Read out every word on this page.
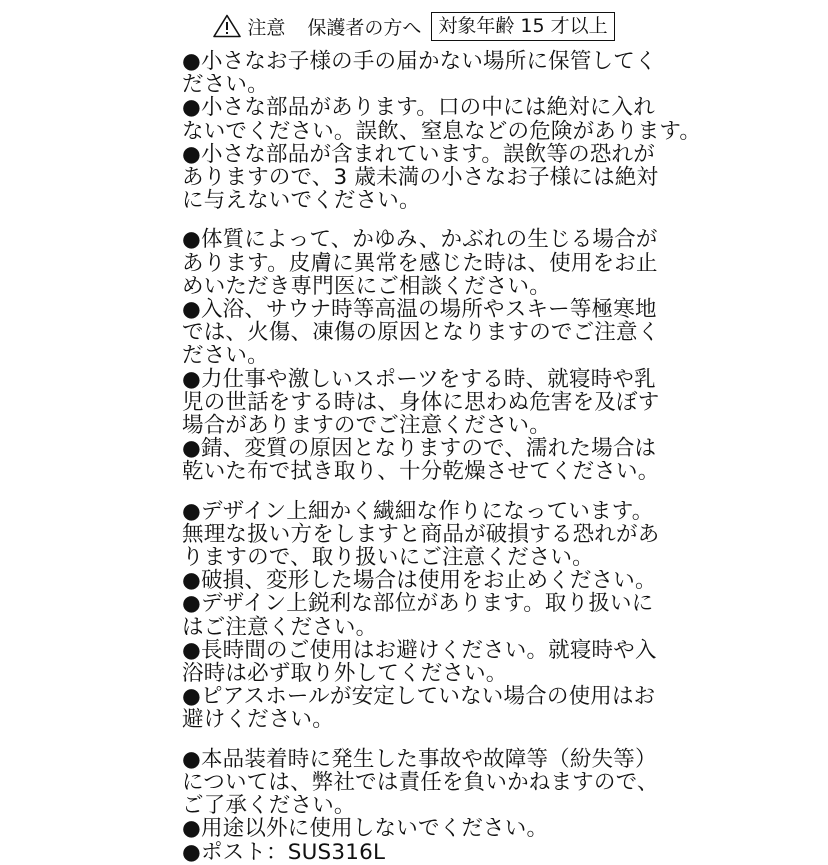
注意 保護者の方へ 対象年齢 15 才以上
●小さなお子様の手の届かない場所に保管してく
ださい。
●小さな部品があります。口の中には絶対に入れ
ないでください。誤飲、窒息などの危険があります。
●小さな部品が含まれています。誤飲等の恐れが
ありますので、3 歳未満の小さなお子様には絶対
に与えないでください。
●体質によって、かゆみ、かぶれの生じる場合が
あります。皮膚に異常を感じた時は、使用をお止
めいただき専門医にご相談ください。
●入浴、サウナ時等高温の場所やスキー等極寒地
では、火傷、凍傷の原因となりますのでご注意く
ださい。
●力仕事や激しいスポーツをする時、就寝時や乳
児の世話をする時は、身体に思わぬ危害を及ぼす
場合がありますのでご注意ください。
●錆、変質の原因となりますので、濡れた場合は
乾いた布で拭き取り、十分乾燥させてください。
●デザイン上細かく繊細な作りになっています。
無理な扱い方をしますと商品が破損する恐れがあ
りますので、取り扱いにご注意ください。
●破損、変形した場合は使用をお止めください。
●デザイン上鋭利な部位があります。取り扱いに
はご注意ください。
●長時間のご使用はお避けください。就寝時や入
浴時は必ず取り外してください。
●ピアスホールが安定していない場合の使用はお
避けください。
●本品装着時に発生した事故や故障等（紛失等）
については、弊社では責任を負いかねますので、
ご了承ください。
●用途以外に使用しないでください。
●ポスト：SUS316L
